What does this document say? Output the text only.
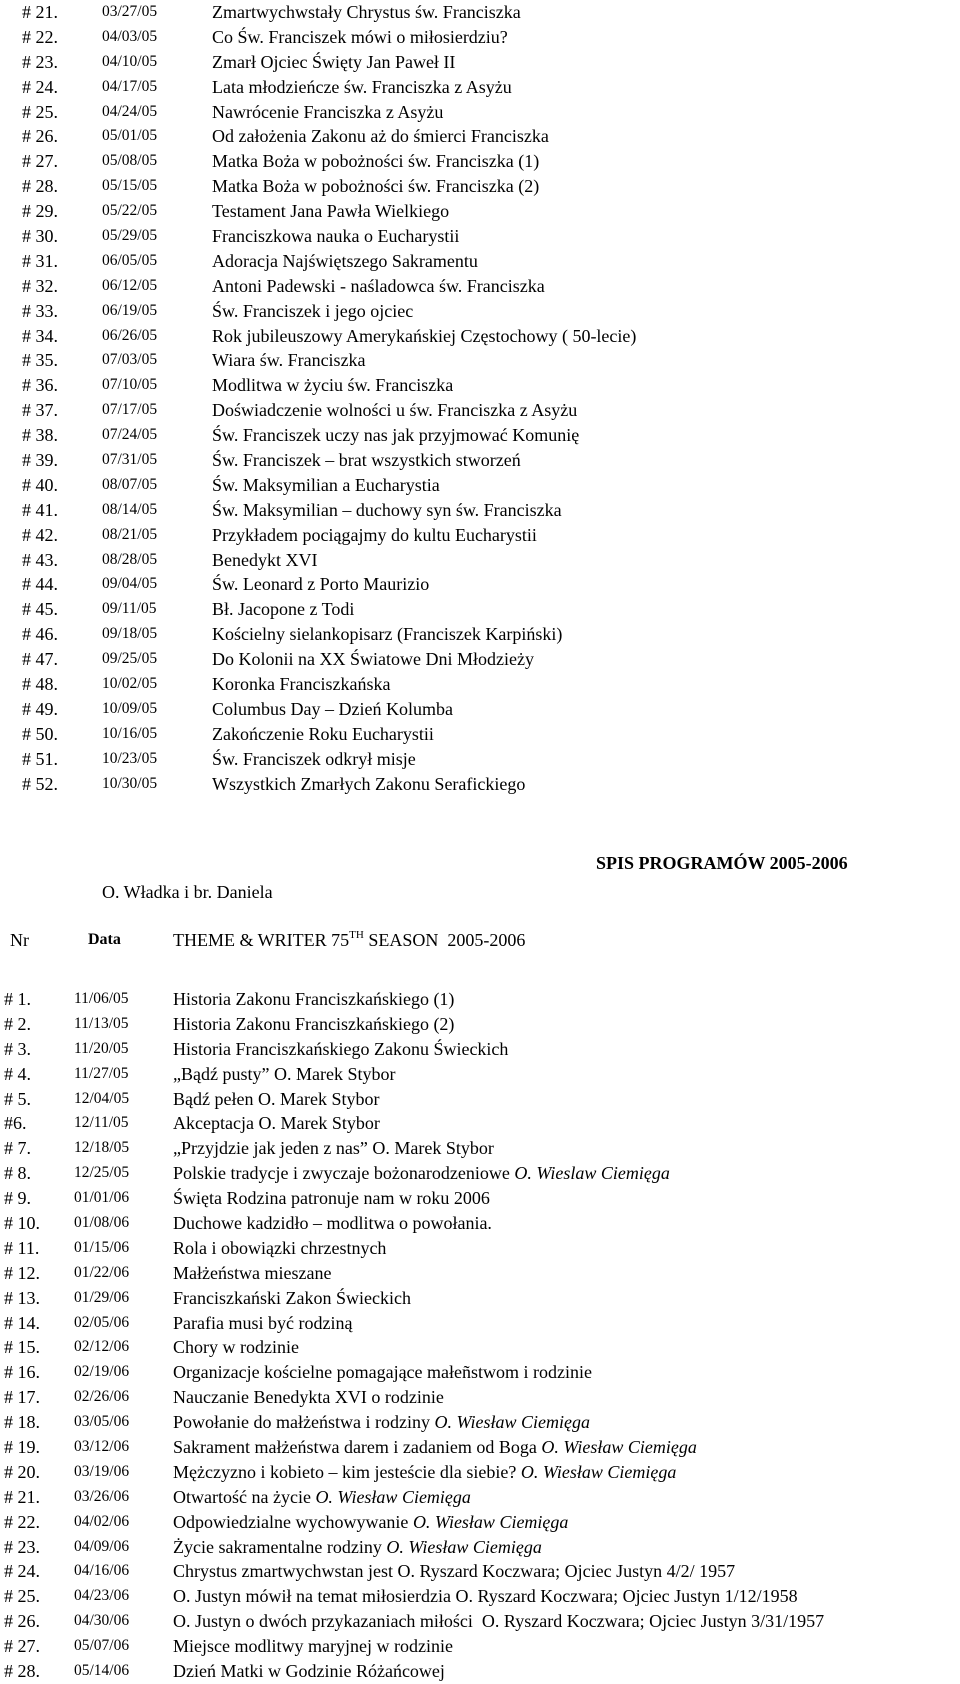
# 21.	03/27/05	Zmartwychwstały Chrystus św. Franciszka
# 22.	04/03/05	Co Św. Franciszek mówi o miłosierdziu?
# 23.	04/10/05	Zmarł Ojciec Święty Jan Paweł II
# 24.	04/17/05	Lata młodzieńcze św. Franciszka z Asyżu
# 25.	04/24/05	Nawrócenie Franciszka z Asyżu
# 26.	05/01/05	Od założenia Zakonu aż do śmierci Franciszka
# 27.	05/08/05	Matka Boża w pobożności św. Franciszka (1)
# 28.	05/15/05	Matka Boża w pobożności św. Franciszka (2)
# 29.	05/22/05	Testament Jana Pawła Wielkiego
# 30.	05/29/05	Franciszkowa nauka o Eucharystii
# 31.	06/05/05	Adoracja Najświętszego Sakramentu
# 32.	06/12/05	Antoni Padewski - naśladowca św. Franciszka
# 33.	06/19/05	Św. Franciszek i jego ojciec
# 34.	06/26/05	Rok jubileuszowy Amerykańskiej Częstochowy ( 50-lecie)
# 35.	07/03/05	Wiara św. Franciszka
# 36.	07/10/05	Modlitwa w życiu św. Franciszka
# 37.	07/17/05	Doświadczenie wolności u św. Franciszka z Asyżu
# 38.	07/24/05	Św. Franciszek uczy nas jak przyjmować Komunię
# 39.	07/31/05	Św. Franciszek – brat wszystkich stworzeń
# 40.	08/07/05	Św. Maksymilian a Eucharystia
# 41.	08/14/05	Św. Maksymilian – duchowy syn św. Franciszka
# 42.	08/21/05	Przykładem pociągajmy do kultu Eucharystii
# 43.	08/28/05	Benedykt XVI
# 44.	09/04/05	Św. Leonard z Porto Maurizio
# 45.	09/11/05	Bł. Jacopone z Todi
# 46.	09/18/05	Kościelny sielankopisarz (Franciszek Karpiński)
# 47.	09/25/05	Do Kolonii na XX Światowe Dni Młodzieży
# 48.	10/02/05	Koronka Franciszkańska
# 49.	10/09/05	Columbus Day – Dzień Kolumba
# 50.	10/16/05	Zakończenie Roku Eucharystii
# 51.	10/23/05	Św. Franciszek odkrył misje
# 52.	10/30/05	Wszystkich Zmarłych Zakonu Serafickiego
SPIS PROGRAMÓW 2005-2006
O. Władka i br. Daniela
Nr	Data	THEME & WRITER 75TH SEASON  2005-2006
# 1.	11/06/05 Historia Zakonu Franciszkańskiego (1)
# 2.	11/13/05 Historia Zakonu Franciszkańskiego (2)
# 3.	11/20/05 Historia Franciszkańskiego Zakonu Świeckich
# 4.	11/27/05 „Bądź pusty” O. Marek Stybor
# 5.	12/04/05 Bądź pełen O. Marek Stybor
#6.	12/11/05 Akceptacja O. Marek Stybor
# 7.	12/18/05 „Przyjdzie jak jeden z nas” O. Marek Stybor
# 8.	12/25/05 Polskie tradycje i zwyczaje bożonarodzeniowe O. Wieslaw Ciemięga
# 9.	01/01/06 Święta Rodzina patronuje nam w roku 2006
# 10. 01/08/06 Duchowe kadzidło – modlitwa o powołania.
# 11. 01/15/06 Rola i obowiązki chrzestnych
# 12. 01/22/06 Małżeństwa mieszane
# 13. 01/29/06 Franciszkański Zakon Świeckich
# 14. 02/05/06 Parafia musi być rodziną
# 15. 02/12/06 Chory w rodzinie
# 16. 02/19/06 Organizacje kościelne pomagające małeñstwom i rodzinie
# 17. 02/26/06 Nauczanie Benedykta XVI o rodzinie
# 18. 03/05/06 Powołanie do małżeństwa i rodziny O. Wiesław Ciemięga
# 19. 03/12/06 Sakrament małżeństwa darem i zadaniem od Boga O. Wiesław Ciemięga
# 20. 03/19/06 Mężczyzno i kobieto – kim jesteście dla siebie? O. Wiesław Ciemięga
# 21. 03/26/06 Otwartość na życie O. Wiesław Ciemięga
# 22. 04/02/06 Odpowiedzialne wychowywanie O. Wiesław Ciemięga
# 23. 04/09/06 Życie sakramentalne rodziny O. Wiesław Ciemięga
# 24. 04/16/06 Chrystus zmartwychwstan jest O. Ryszard Koczwara; Ojciec Justyn 4/2/ 1957
# 25. 04/23/06 O. Justyn mówił na temat miłosierdzia O. Ryszard Koczwara; Ojciec Justyn 1/12/1958
# 26. 04/30/06 O. Justyn o dwóch przykazaniach miłości  O. Ryszard Koczwara; Ojciec Justyn 3/31/1957
# 27. 05/07/06 Miejsce modlitwy maryjnej w rodzinie
# 28. 05/14/06 Dzień Matki w Godzinie Różańcowej
